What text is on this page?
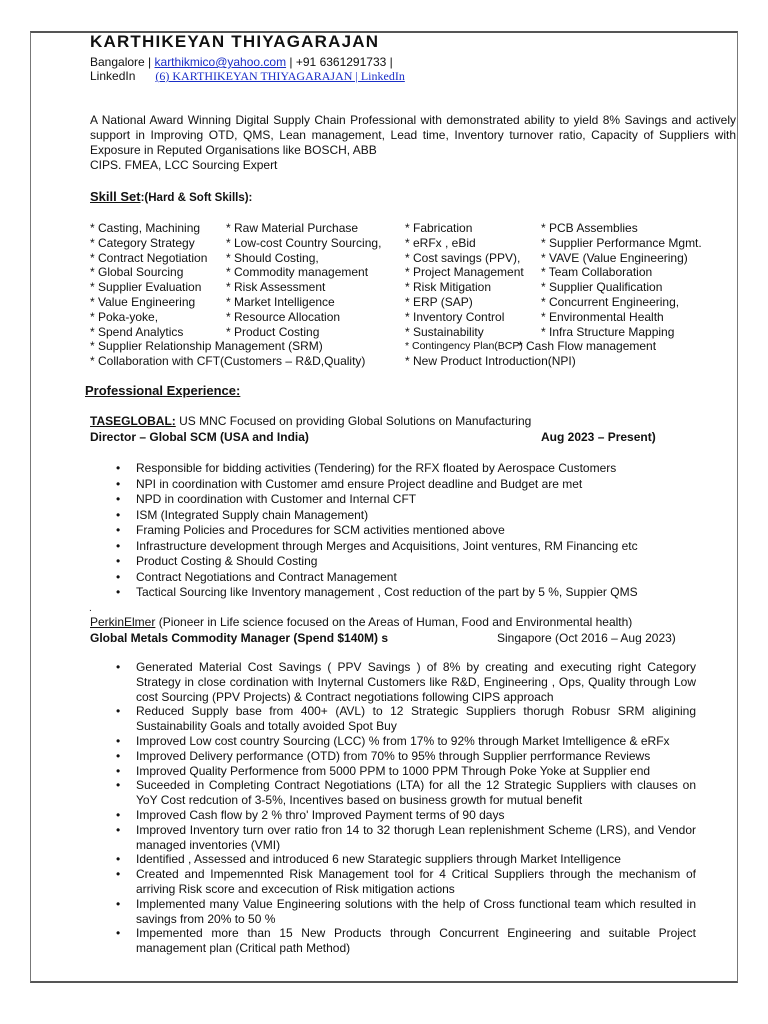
KARTHIKEYAN THIYAGARAJAN
Bangalore | karthikmico@yahoo.com | +91 6361291733 |
LinkedIn (6) KARTHIKEYAN THIYAGARAJAN | LinkedIn

A National Award Winning Digital Supply Chain Professional with demonstrated ability to yield 8% Savings and actively support in Improving OTD, QMS, Lean management, Lead time, Inventory turnover ratio, Capacity of Suppliers with Exposure in Reputed Organisations like BOSCH, ABB

CIPS. FMEA, LCC Sourcing Expert

Skill Set:(Hard & Soft Skills):
* Casting, Machining
* Category Strategy
* Contract Negotiation
* Global Sourcing
* Supplier Evaluation
* Value Engineering
* Poka-yoke,
* Spend Analytics
* Supplier Relationship Management (SRM)
* Collaboration with CFT(Customers – R&D,Quality)
* Raw Material Purchase
* Low-cost Country Sourcing,
* Should Costing,
* Commodity management
* Risk Assessment
* Market Intelligence
* Resource Allocation
* Product Costing
* Fabrication
* eRFx , eBid
* Cost savings (PPV),
* Project Management
* Risk Mitigation
* ERP (SAP)
* Inventory Control
* Sustainability
* Contingency Plan(BCP)
* New Product Introduction(NPI)
* PCB Assemblies
* Supplier Performance Mgmt.
* VAVE (Value Engineering)
* Team Collaboration
* Supplier Qualification
* Concurrent Engineering,
* Environmental Health
* Infra Structure Mapping
* Cash Flow management
Professional Experience:
TASEGLOBAL: US MNC Focused on providing Global Solutions on Manufacturing
Director – Global SCM (USA and India)	Aug 2023 – Present)
• Responsible for bidding activities (Tendering) for the RFX floated by Aerospace Customers
• NPI in coordination with Customer amd ensure Project deadline and Budget are met
• NPD in coordination with Customer and Internal CFT
• ISM (Integrated Supply chain Management)
• Framing Policies and Procedures for SCM activities mentioned above
• Infrastructure development through Merges and Acquisitions, Joint ventures, RM Financing etc
• Product Costing & Should Costing
• Contract Negotiations and Contract Management
• Tactical Sourcing like Inventory management , Cost reduction of the part by 5 %, Suppier QMS
.
PerkinElmer (Pioneer in Life science focused on the Areas of Human, Food and Environmental health)
Global Metals Commodity Manager (Spend $140M) s	Singapore (Oct 2016 – Aug 2023)
• Generated Material Cost Savings ( PPV Savings ) of 8% by creating and executing right Category Strategy in close cordination with Inyternal Customers like R&D, Engineering , Ops, Quality through Low cost Sourcing (PPV Projects) & Contract negotiations following CIPS approach
• Reduced Supply base from 400+ (AVL) to 12 Strategic Suppliers thorugh Robusr SRM aligining Sustainability Goals and totally avoided Spot Buy
• Improved Low cost country Sourcing (LCC) % from 17% to 92% through Market Imtelligence & eRFx
• Improved Delivery performance (OTD) from 70% to 95% through Supplier perrformance Reviews
• Improved Quality Performence from 5000 PPM to 1000 PPM Through Poke Yoke at Supplier end
• Suceeded in Completing Contract Negotiations (LTA) for all the 12 Strategic Suppliers with clauses on YoY Cost redcution of 3-5%, Incentives based on business growth for mutual benefit
• Improved Cash flow by 2 % thro' Improved Payment terms of 90 days
• Improved Inventory turn over ratio fron 14 to 32 thorugh Lean replenishment Scheme (LRS), and Vendor managed inventories (VMI)
• Identified , Assessed and introduced 6 new Starategic suppliers through Market Intelligence
• Created and Impemennted Risk Management tool for 4 Critical Suppliers through the mechanism of arriving Risk score and excecution of Risk mitigation actions
• Implemented many Value Engineering solutions with the help of Cross functional team which resulted in savings from 20% to 50 %
• Impemented more than 15 New Products through Concurrent Engineering and suitable Project management plan (Critical path Method)
